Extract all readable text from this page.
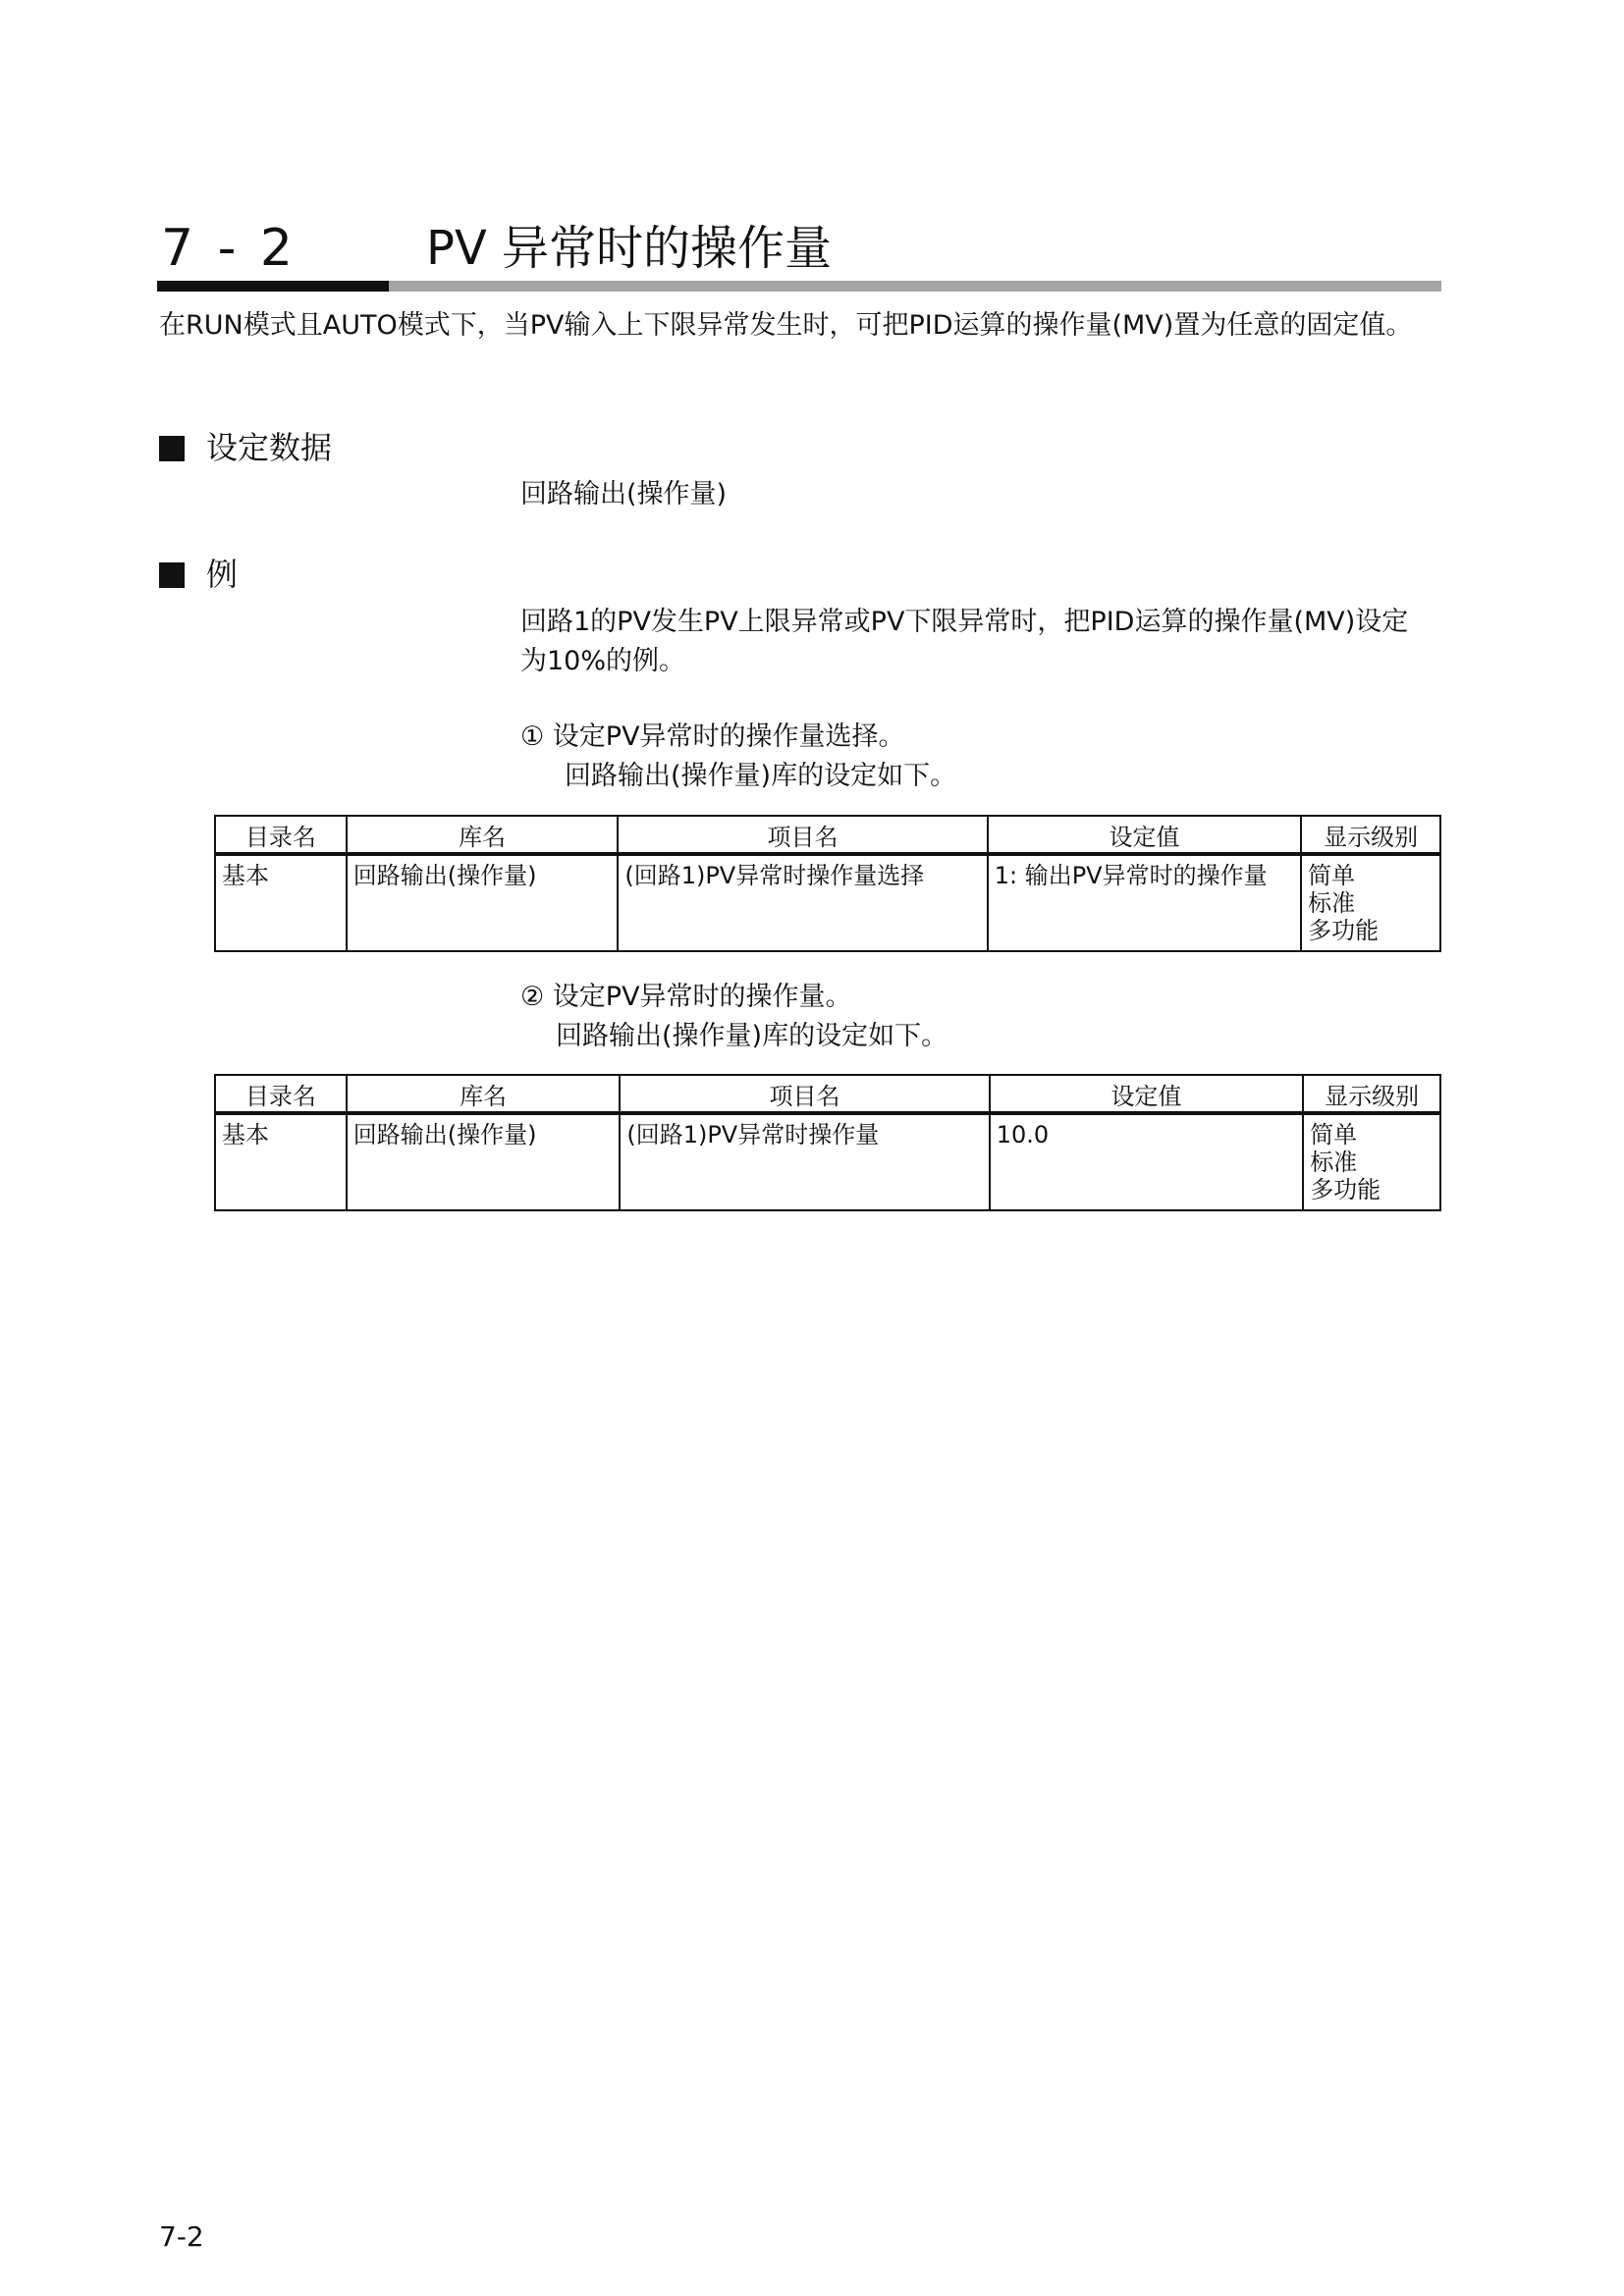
7 - 2	PV 异常时的操作量
在RUN模式且AUTO模式下，当PV输入上下限异常发生时，可把PID运算的操作量(MV)置为任意的固定值。
设定数据
回路输出(操作量)
例
回路1的PV发生PV上限异常或PV下限异常时，把PID运算的操作量(MV)设定为10%的例。
① 设定PV异常时的操作量选择。
回路输出(操作量)库的设定如下。
目录名	库名	项目名	设定值	显示级别
基本	回路输出(操作量)	(回路1)PV异常时操作量选择	1: 输出PV异常时的操作量	简单
标准
多功能
② 设定PV异常时的操作量。
回路输出(操作量)库的设定如下。
目录名	库名	项目名	设定值	显示级别
基本	回路输出(操作量)	(回路1)PV异常时操作量	10.0	简单
标准
多功能
7-2
